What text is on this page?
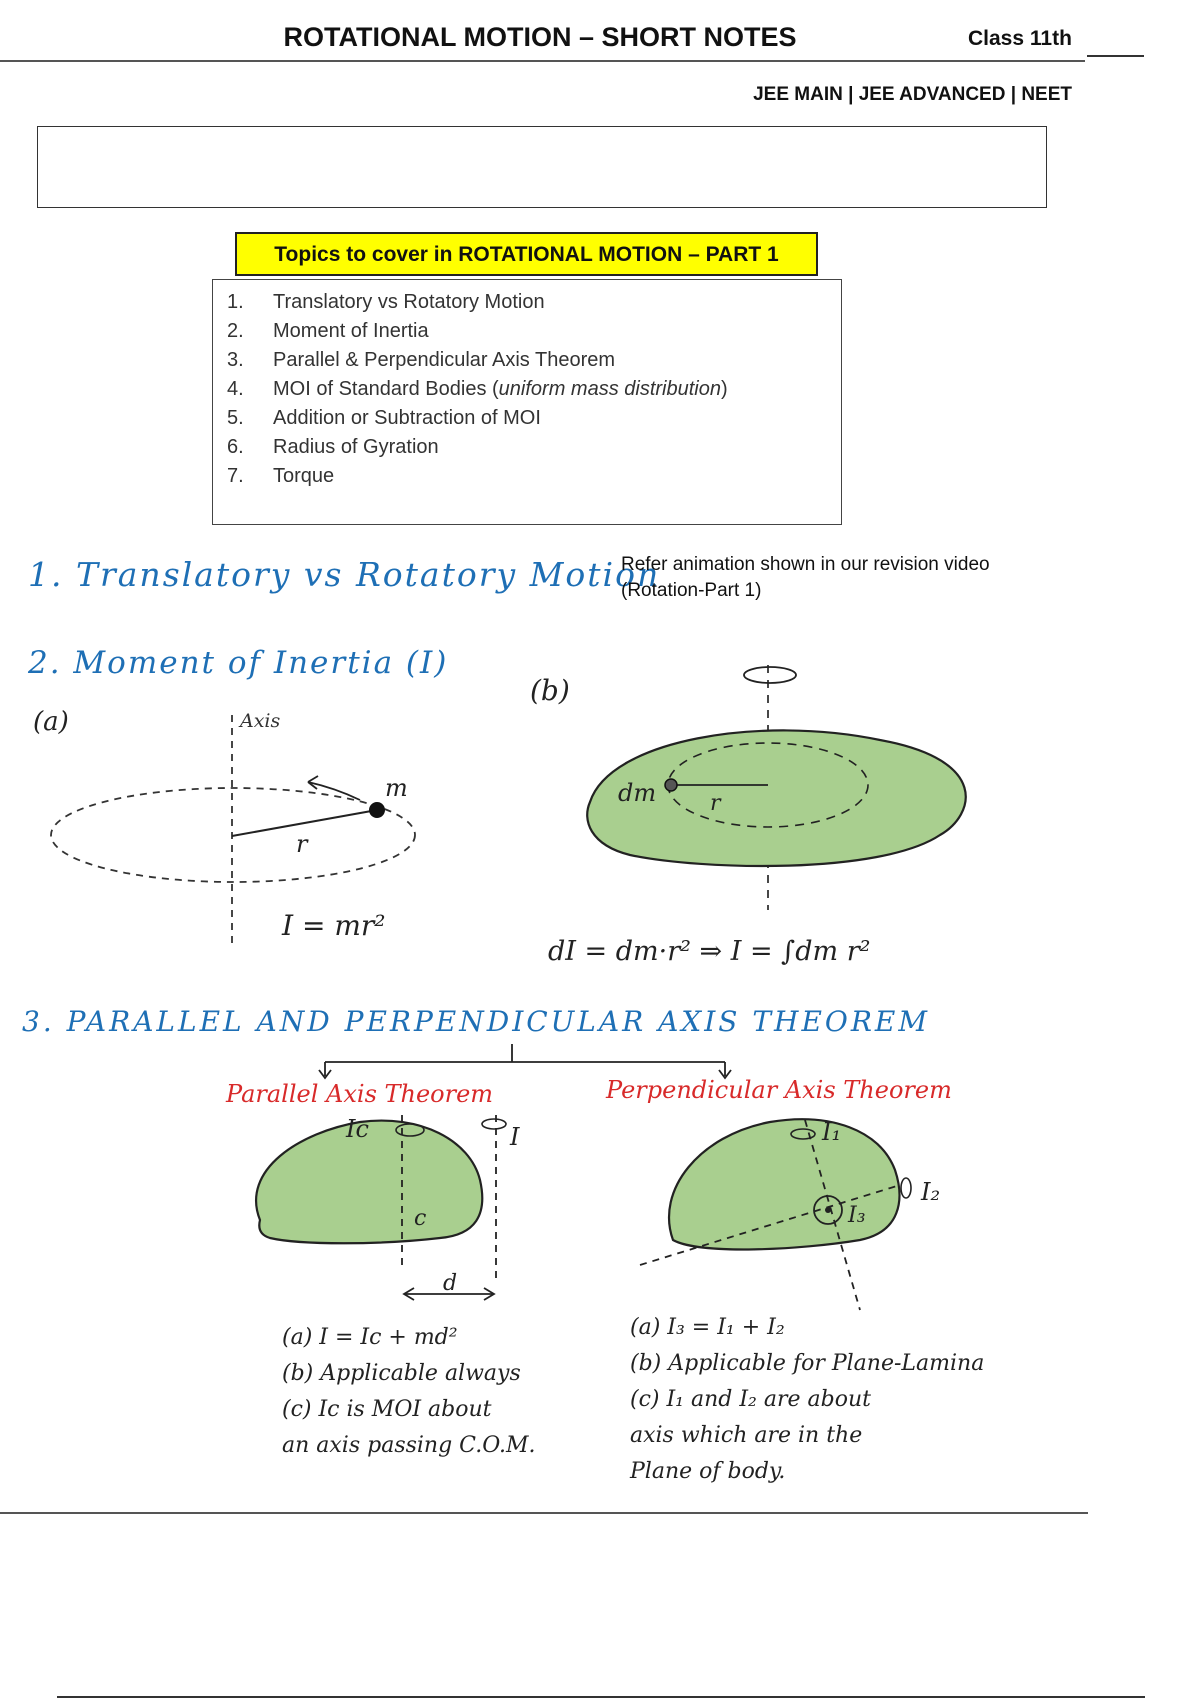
ROTATIONAL MOTION – SHORT NOTES	Class 11th
JEE MAIN | JEE ADVANCED | NEET
Topics to cover in ROTATIONAL MOTION – PART 1
1.	Translatory vs Rotatory Motion
2.	Moment of Inertia
3.	Parallel & Perpendicular Axis Theorem
4.	MOI of Standard Bodies (uniform mass distribution)
5.	Addition or Subtraction of MOI
6.	Radius of Gyration
7.	Torque
1. Translatory vs Rotatory Motion
Refer animation shown in our revision video
(Rotation-Part 1)
2. Moment of Inertia (I)
(a)	Axis
m
r
I = mr²
(b)
dm r
dI = dm·r² ⇒ I = ∫dm r²
3. PARALLEL AND PERPENDICULAR AXIS THEOREM
Ic	I
c
d
I₁
I₂
I₃
Parallel Axis Theorem	Perpendicular Axis Theorem
(a) I = Ic + md²
(b) Applicable always
(c) Ic is MOI about
an axis passing C.O.M.
(a) I₃ = I₁ + I₂
(b) Applicable for Plane-Lamina
(c) I₁ and I₂ are about
axis which are in the
Plane of body.
